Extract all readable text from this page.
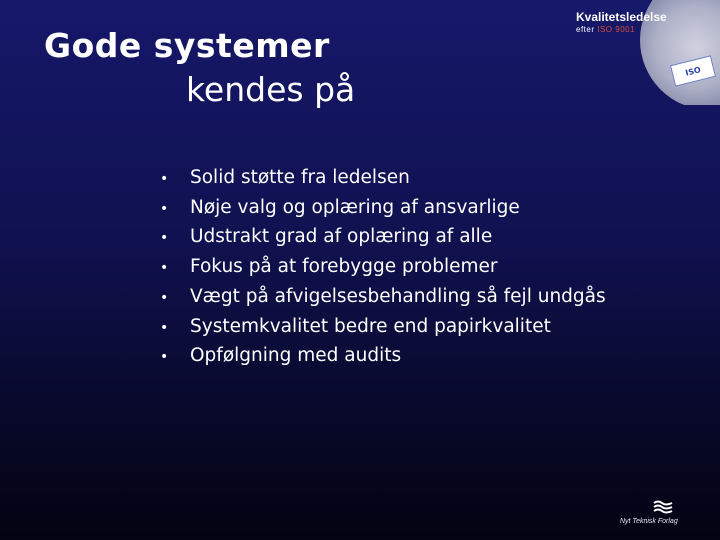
Gode systemer
kendes på	ISO
Kvalitetsledelse
efter ISO 9001
•	Solid støtte fra ledelsen
•	Nøje valg og oplæring af ansvarlige
•	Udstrakt grad af oplæring af alle
•	Fokus på at forebygge problemer
•	Vægt på afvigelsesbehandling så fejl undgås
•	Systemkvalitet bedre end papirkvalitet
•	Opfølgning med audits
Nyt Teknisk Forlag
